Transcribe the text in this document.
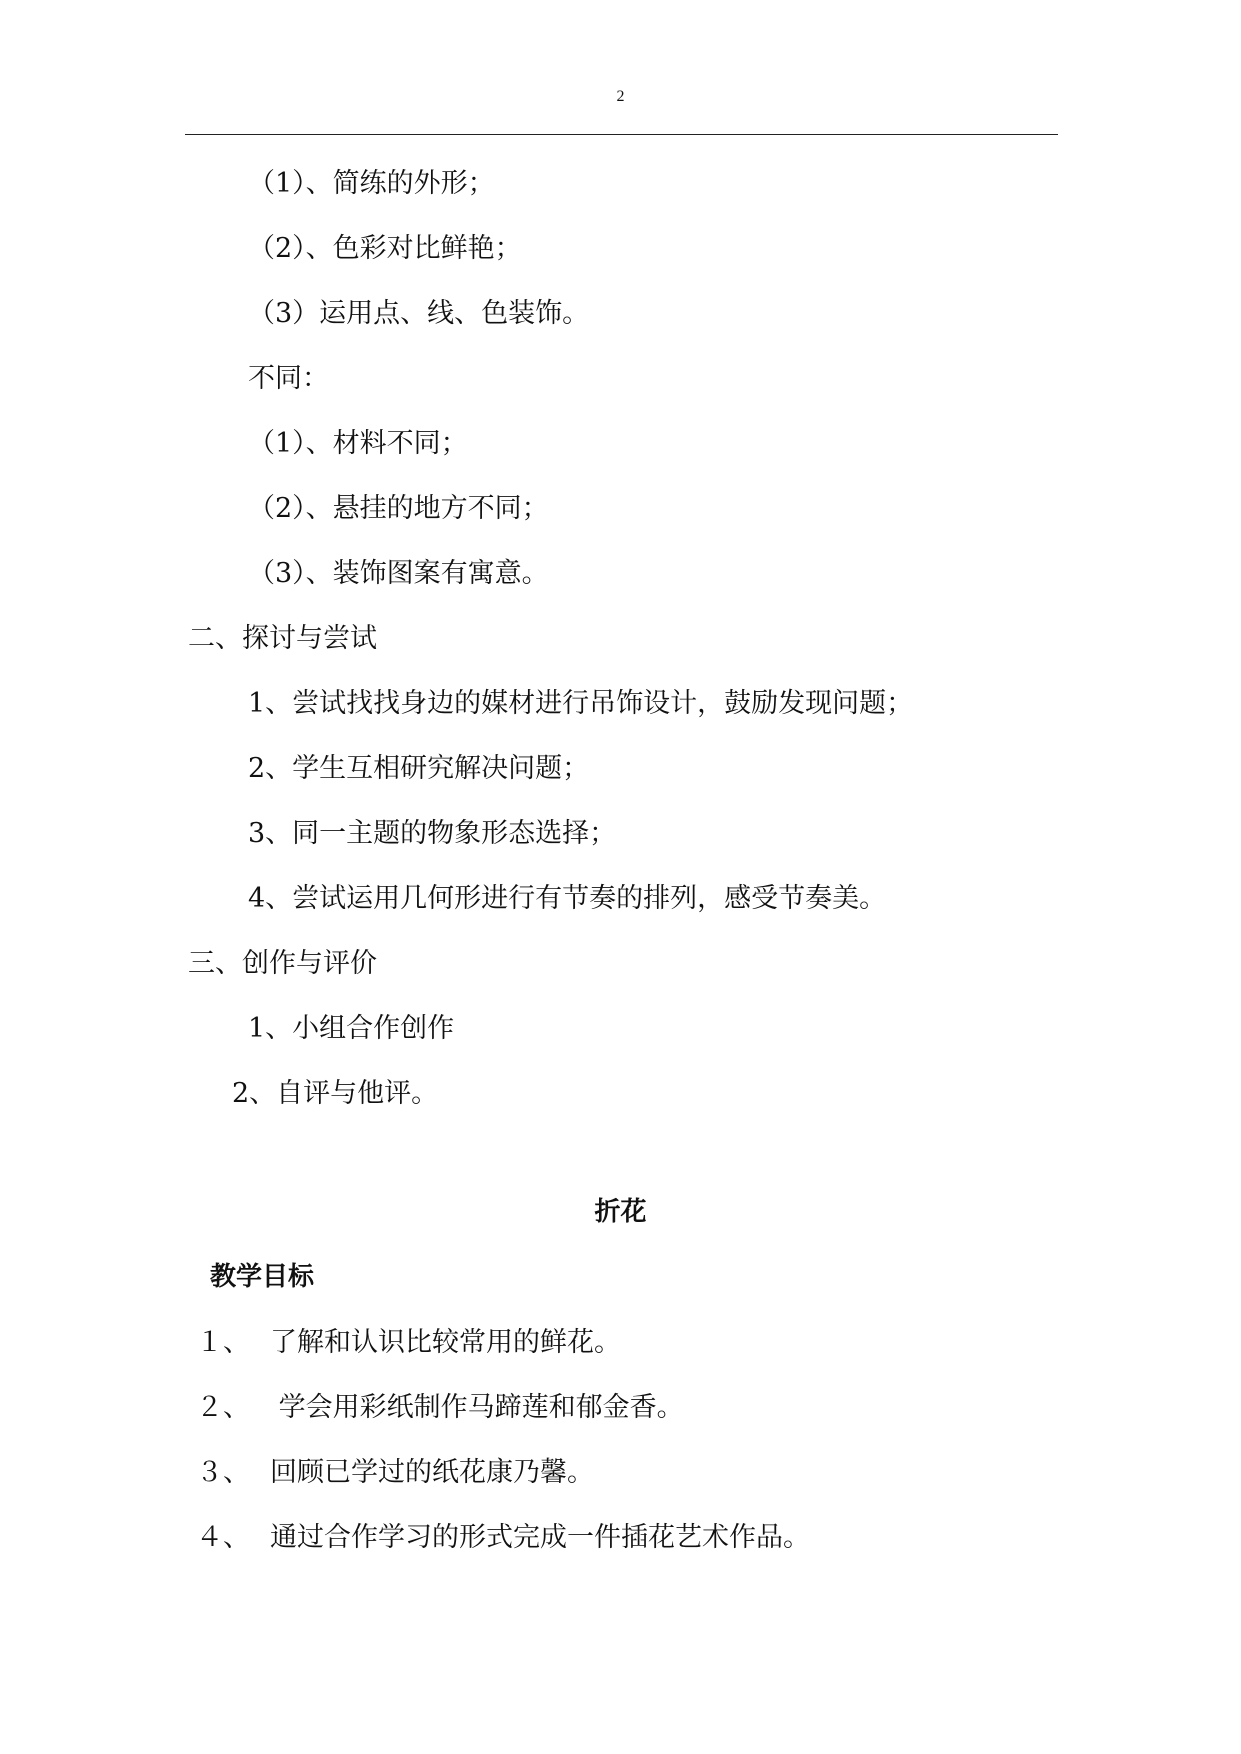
2
（1）、简练的外形；
（2）、色彩对比鲜艳；
（3）运用点、线、色装饰。
不同：
（1）、材料不同；
（2）、悬挂的地方不同；
（3）、装饰图案有寓意。
二、探讨与尝试
1、尝试找找身边的媒材进行吊饰设计，鼓励发现问题；
2、学生互相研究解决问题；
3、同一主题的物象形态选择；
4、尝试运用几何形进行有节奏的排列，感受节奏美。
三、创作与评价
1、小组合作创作
2、自评与他评。
折花
教学目标
１、 了解和认识比较常用的鲜花。
２、 学会用彩纸制作马蹄莲和郁金香。
３、 回顾已学过的纸花康乃馨。
４、 通过合作学习的形式完成一件插花艺术作品。
